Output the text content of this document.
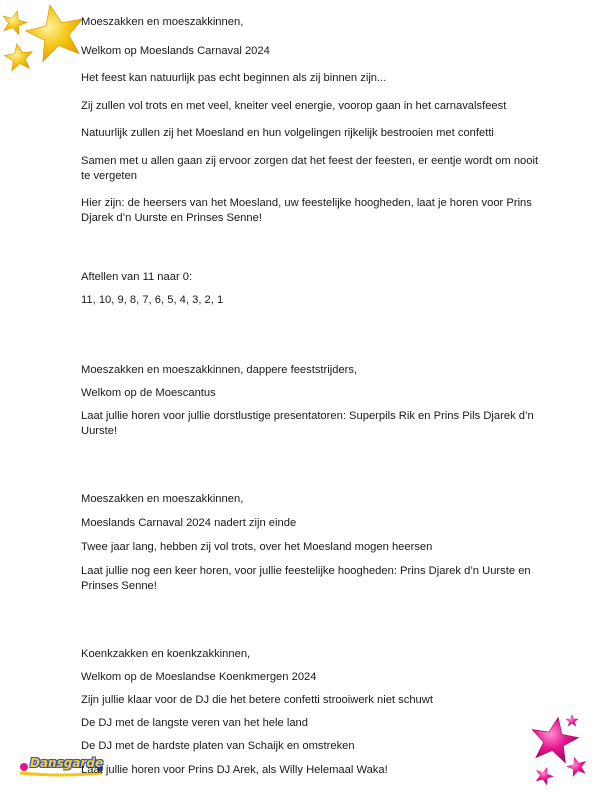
Dansgarde
Moeszakken en moeszakkinnen,
Welkom op Moeslands Carnaval 2024
Het feest kan natuurlijk pas echt beginnen als zij binnen zijn...
Zij zullen vol trots en met veel, kneiter veel energie, voorop gaan in het carnavalsfeest
Natuurlijk zullen zij het Moesland en hun volgelingen rijkelijk bestrooien met confetti
Samen met u allen gaan zij ervoor zorgen dat het feest der feesten, er eentje wordt om nooit te vergeten
Hier zijn: de heersers van het Moesland, uw feestelijke hoogheden, laat je horen voor Prins Djarek d’n Uurste en Prinses Senne!
Aftellen van 11 naar 0:
11, 10, 9, 8, 7, 6, 5, 4, 3, 2, 1
Moeszakken en moeszakkinnen, dappere feeststrijders,
Welkom op de Moescantus
Laat jullie horen voor jullie dorstlustige presentatoren: Superpils Rik en Prins Pils Djarek d’n Uurste!
Moeszakken en moeszakkinnen,
Moeslands Carnaval 2024 nadert zijn einde
Twee jaar lang, hebben zij vol trots, over het Moesland mogen heersen
Laat jullie nog een keer horen, voor jullie feestelijke hoogheden: Prins Djarek d’n Uurste en Prinses Senne!
Koenkzakken en koenkzakkinnen,
Welkom op de Moeslandse Koenkmergen 2024
Zijn jullie klaar voor de DJ die het betere confetti strooiwerk niet schuwt
De DJ met de langste veren van het hele land
De DJ met de hardste platen van Schaijk en omstreken
Laat jullie horen voor Prins DJ Arek, als Willy Helemaal Waka!
